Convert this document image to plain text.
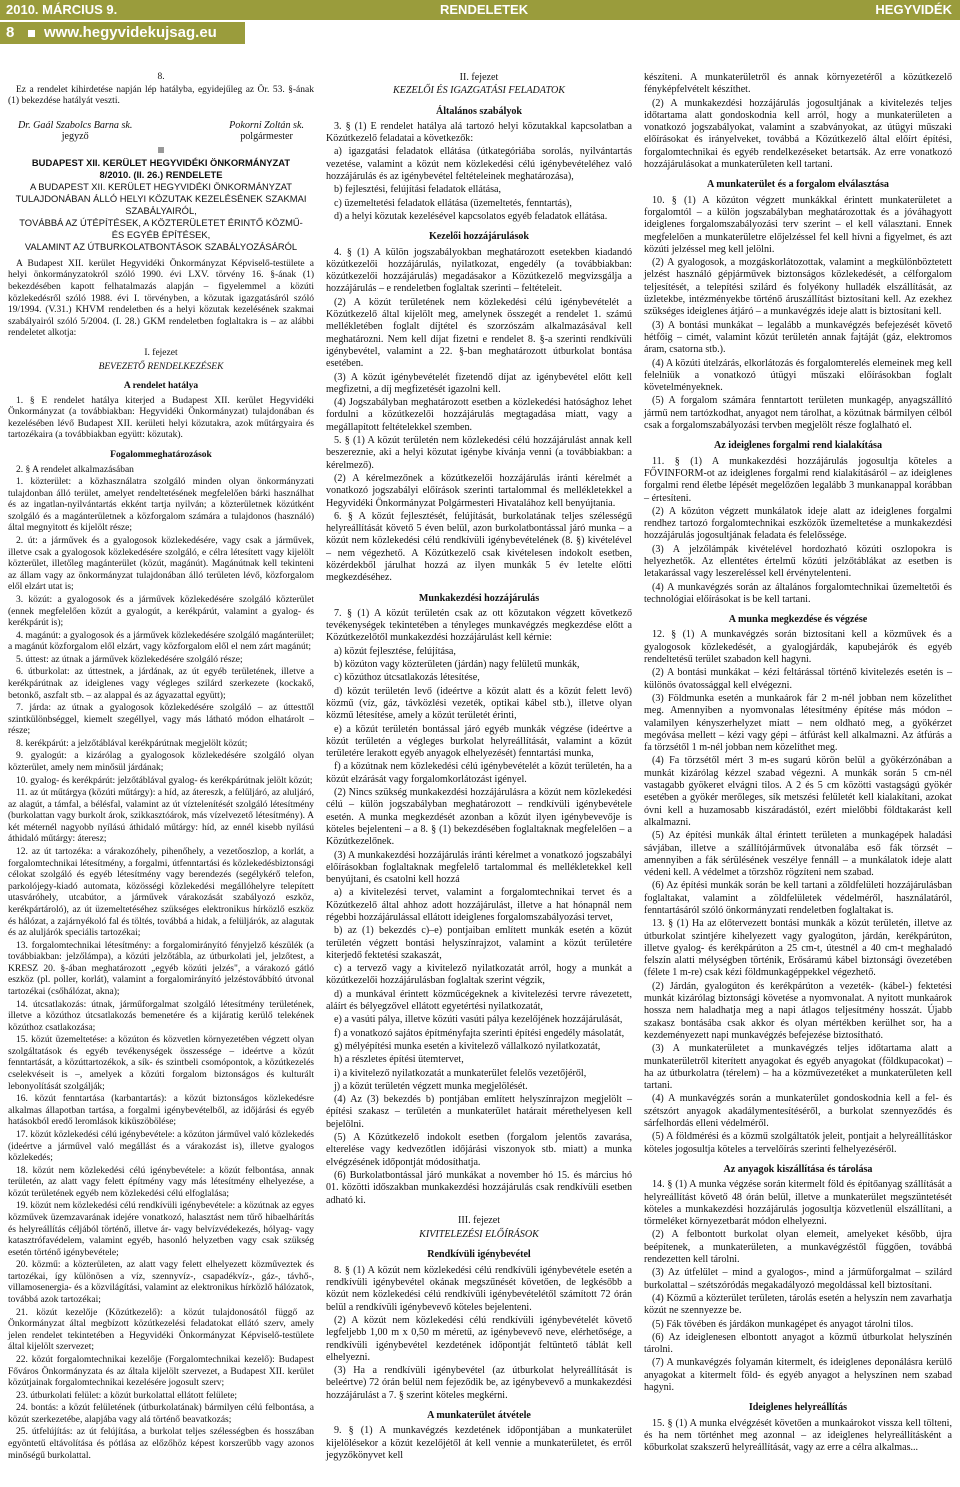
2010. MÁRCIUS 9.	RENDELETEK	HEGYVIDÉK
8 www.hegyvidekujsag.eu

8.

Ez a rendelet kihirdetése napján lép hatályba, egyidejűleg az Ör. 53. §-ának (1) bekezdése hatályát veszti.

Dr. Gaál Szabolcs Barna sk.
jegyző
Pokorni Zoltán sk.
polgármester

BUDAPEST XII. KERÜLET HEGYVIDÉKI ÖNKORMÁNYZAT

8/2010. (II. 26.) RENDELETE

A BUDAPEST XII. KERÜLET HEGYVIDÉKI ÖNKORMÁNYZAT

TULAJDONÁBAN ÁLLÓ HELYI KÖZUTAK KEZELÉSÉNEK SZAKMAI SZABÁLYAIRÓL,

TOVÁBBÁ AZ ÚTÉPÍTÉSEK, A KÖZTERÜLETET ÉRINTŐ KÖZMŰ-

ÉS EGYÉB ÉPÍTÉSEK,

VALAMINT AZ ÚTBURKOLATBONTÁSOK SZABÁLYOZÁSÁRÓL

A Budapest XII. kerület Hegyvidéki Önkormányzat Képviselő-testülete a helyi önkormányzatokról szóló 1990. évi LXV. törvény 16. §-ának (1) bekezdésében kapott felhatalmazás alapján – figyelemmel a közúti közlekedésről szóló 1988. évi I. törvényben, a közutak igazgatásáról szóló 19/1994. (V.31.) KHVM rendeletben és a helyi közutak kezelésének szakmai szabályairól szóló 5/2004. (I. 28.) GKM rendeletben foglaltakra is – az alábbi rendeletet alkotja:

I. fejezet

BEVEZETŐ RENDELKEZÉSEK

A rendelet hatálya

1. § E rendelet hatálya kiterjed a Budapest XII. kerület Hegyvidéki Önkormányzat (a továbbiakban: Hegyvidéki Önkormányzat) tulajdonában és kezelésében lévő Budapest XII. kerületi helyi közutakra, azok műtárgyaira és tartozékaira (a továbbiakban együtt: közutak).

Fogalommeghatározások

2. § A rendelet alkalmazásában

1. közterület: a közhasználatra szolgáló minden olyan önkormányzati tulajdonban álló terület, amelyet rendeltetésének megfelelően bárki használhat és az ingatlan-nyilvántartás ekként tartja nyilván; a közterületnek közútként szolgáló és a magánterületnek a közforgalom számára a tulajdonos (használó) által megnyitott és kijelölt része;

2. út: a járművek és a gyalogosok közlekedésére, vagy csak a járművek, illetve csak a gyalogosok közlekedésére szolgáló, e célra létesített vagy kijelölt közterület, illetőleg magánterület (közút, magánút). Magánútnak kell tekinteni az állam vagy az önkormányzat tulajdonában álló területen lévő, közforgalom elől elzárt utat is;

3. közút: a gyalogosok és a járművek közlekedésére szolgáló közterület (ennek megfelelően közút a gyalogút, a kerékpárút, valamint a gyalog- és kerékpárút is);

4. magánút: a gyalogosok és a járművek közlekedésére szolgáló magánterület; a magánút közforgalom elől elzárt, vagy közforgalom elől el nem zárt magánút;

5. úttest: az útnak a járművek közlekedésére szolgáló része;

6. útburkolat: az úttestnek, a járdának, az út egyéb területének, illetve a kerékpárútnak az ideiglenes vagy végleges szilárd szerkezete (kockakő, betonkő, aszfalt stb. – az alappal és az ágyazattal együtt);

7. járda: az útnak a gyalogosok közlekedésére szolgáló – az úttesttől szintkülönbséggel, kiemelt szegéllyel, vagy más látható módon elhatárolt – része;

8. kerékpárút: a jelzőtáblával kerékpárútnak megjelölt közút;

9. gyalogút: a kizárólag a gyalogosok közlekedésére szolgáló olyan közterület, amely nem minősül járdának;

10. gyalog- és kerékpárút: jelzőtáblával gyalog- és kerékpárútnak jelölt közút;

11. az út műtárgya (közúti műtárgy): a híd, az átereszk, a felüljáró, az aluljáró, az alagút, a támfal, a bélésfal, valamint az út víztelenítését szolgáló létesítmény (burkolattan vagy burkolt árok, szikkasztóárok, más vízelvezető létesítmény). A két méternél nagyobb nyílású áthidaló műtárgy: híd, az ennél kisebb nyílású áthidaló műtárgy: áteresz;

12. az út tartozéka: a várakozóhely, pihenőhely, a vezetőoszlop, a korlát, a forgalomtechnikai létesítmény, a forgalmi, útfenntartási és közlekedésbiztonsági célokat szolgáló és egyéb létesítmény vagy berendezés (segélykérő telefon, parkolójegy-kiadó automata, közösségi közlekedési megállóhelyre telepített utasváróhely, utcabútor, a járművek várakozását szabályozó eszköz, kerékpártároló), az út üzemeltetéséhez szükséges elektronikus hírközlő eszköz és hálózat, a zajárnyékoló fal és töltés, továbbá a hidak, a felüljárók, az alagutak és az aluljárók speciális tartozékai;

13. forgalomtechnikai létesítmény: a forgalomirányító fényjelző készülék (a továbbiakban: jelzőlámpa), a közúti jelzőtábla, az útburkolati jel, jelzőtest, a KRESZ 20. §-ában meghatározott „egyéb közúti jelzés", a várakozó gátló eszköz (pl. poller, korlát), valamint a forgalomirányító jelzéstovábbító útvonal tartozékai (csőhálózat, akna);

14. útcsatlakozás: útnak, járműforgalmat szolgáló létesítmény területének, illetve a közúthoz útcsatlakozás bemenetére és a kijáratig kerülő telekének közúthoz csatlakozása;

15. közút üzemeltetése: a közúton és közvetlen környezetében végzett olyan szolgáltatások és egyéb tevékenységek összessége – ideértve a közút fenntartását, a közúttartozékok, a sík- és szintbeli csomópontok, a közútkezelés cselekvéseit is –, amelyek a közúti forgalom biztonságos és kulturált lebonyolítását szolgálják;

16. közút fenntartása (karbantartás): a közút biztonságos közlekedésre alkalmas állapotban tartása, a forgalmi igénybevételből, az időjárási és egyéb hatásokból eredő leromlások kiküszöbölése;

17. közút közlekedési célú igénybevétele: a közúton járművel való közlekedés (ideértve a járművel való megállást és a várakozást is), illetve gyalogos közlekedés;

18. közút nem közlekedési célú igénybevétele: a közút felbontása, annak területén, az alatt vagy felett építmény vagy más létesítmény elhelyezése, a közút területének egyéb nem közlekedési célú elfoglalása;

19. közút nem közlekedési célú rendkívüli igénybevétele: a közútnak az egyes közművek üzemzavarának idejére vonatkozó, halasztást nem tűrő hibaelhárítás és helyreállítás céljából történő, illetve ár- vagy belvízvédekezés, hólyag- vagy katasztrófavédelem, valamint egyéb, hasonló helyzetben vagy csak szükség esetén történő igénybevétele;

20. közmű: a közterületen, az alatt vagy felett elhelyezett közműveztek és tartozékai, így különösen a víz, szennyvíz-, csapadékvíz-, gáz-, távhő-, villamosenergia- és a közvilágítási, valamint az elektronikus hírközlő hálózatok, továbbá azok tartozékai;

21. közút kezelője (Közútkezelő): a közút tulajdonosától függő az Önkormányzat által megbízott közútkezelési feladatokat ellátó szerv, amely jelen rendelet tekintetében a Hegyvidéki Önkormányzat Képviselő-testülete által kijelölt szervezet;

22. közút forgalomtechnikai kezelője (Forgalomtechnikai kezelő): Budapest Főváros Önkormányzata és az általa kijelölt szervezet, a Budapest XII. kerület közútjainak forgalomtechnikai kezelésére jogosult szerv;

23. útburkolati felület: a közút burkolattal ellátott felülete;

24. bontás: a közút felületének (útburkolatának) bármilyen célú felbontása, a közút szerkezetébe, alapjába vagy alá történő beavatkozás;

25. útfelújítás: az út felújítása, a burkolat teljes szélességben és hosszában egyöntetű eltávolítása és pótlása az előzőhöz képest korszerűbb vagy azonos minőségű burkolattal.

II. fejezet

KEZELŐI ÉS IGAZGATÁSI FELADATOK

Általános szabályok

3. § (1) E rendelet hatálya alá tartozó helyi közutakkal kapcsolatban a Közútkezelő feladatai a következők:

a) igazgatási feladatok ellátása (útkategóriába sorolás, nyilvántartás vezetése, valamint a közút nem közlekedési célú igénybevételéhez való hozzájárulás és az igénybevétel feltételeinek meghatározása),

b) fejlesztési, felújítási feladatok ellátása,

c) üzemeltetési feladatok ellátása (üzemeltetés, fenntartás),

d) a helyi közutak kezelésével kapcsolatos egyéb feladatok ellátása.

Kezelői hozzájárulások

4. § (1) A külön jogszabályokban meghatározott esetekben kiadandó közútkezelői hozzájárulás, nyilatkozat, engedély (a továbbiakban: közútkezelői hozzájárulás) megadásakor a Közútkezelő megvizsgálja a hozzájárulás – e rendeletben foglaltak szerinti – feltételeit.

(2) A közút területének nem közlekedési célú igénybevételét a Közútkezelő által kijelölt meg, amelynek összegét a rendelet 1. számú mellékletében foglalt díjtétel és szorzószám alkalmazásával kell meghatározni. Nem kell díjat fizetni e rendelet 8. §-a szerinti rendkívüli igénybevétel, valamint a 22. §-ban meghatározott útburkolat bontása esetében.

(3) A közút igénybevételét fizetendő díjat az igénybevétel előtt kell megfizetni, a díj megfizetését igazolni kell.

(4) Jogszabályban meghatározott esetben a közlekedési hatósághoz lehet fordulni a közútkezelői hozzájárulás megtagadása miatt, vagy a megállapított feltételekkel szemben.

5. § (1) A közút területén nem közlekedési célú hozzájárulást annak kell beszereznie, aki a helyi közutat igénybe kívánja venni (a továbbiakban: a kérelmező).

(2) A kérelmezőnek a közútkezelői hozzájárulás iránti kérelmét a vonatkozó jogszabályi előírások szerinti tartalommal és mellékletekkel a Hegyvidéki Önkormányzat Polgármesteri Hivatalához kell benyújtania.

6. § A közút fejlesztését, felújítását, burkolatának teljes szélességű helyreállítását követő 5 éven belül, azon burkolatbontással járó munka – a közút nem közlekedési célú rendkívüli igénybevételének (8. §) kivételével – nem végezhető. A Közútkezelő csak kivételesen indokolt esetben, közérdekből járulhat hozzá az ilyen munkák 5 év letelte előtti megkezdéséhez.

Munkakezdési hozzájárulás

7. § (1) A közút területén csak az ott közutakon végzett következő tevékenységek tekintetében a tényleges munkavégzés megkezdése előtt a Közútkezelőtől munkakezdési hozzájárulást kell kérnie:

a) közút fejlesztése, felújítása,

b) közúton vagy közterületen (járdán) nagy felületű munkák,

c) közúthoz útcsatlakozás létesítése,

d) közút területén levő (ideértve a közút alatt és a közút felett levő) közmű (víz, gáz, távközlési vezeték, optikai kábel stb.), illetve olyan közmű létesítése, amely a közút területét érinti,

e) a közút területén bontással járó egyéb munkák végzése (ideértve a közút területén a végleges burkolat helyreállítását, valamint a közút területére lerakott egyéb anyagok elhelyezését) fenntartási munka,

f) a közútnak nem közlekedési célú igénybevételét a közút területén, ha a közút elzárását vagy forgalomkorlátozást igényel.

(2) Nincs szükség munkakezdési hozzájárulásra a közút nem közlekedési célú – külön jogszabályban meghatározott – rendkívüli igénybevétele esetén. A munka megkezdését azonban a közút ilyen igénybevevője is köteles bejelenteni – a 8. § (1) bekezdésében foglaltaknak megfelelően – a Közútkezelőnek.

(3) A munkakezdési hozzájárulás iránti kérelmet a vonatkozó jogszabályi előírásokban foglaltaknak megfelelő tartalommal és mellékletekkel kell benyújtani, és csatolni kell hozzá

a) a kivitelezési tervet, valamint a forgalomtechnikai tervet és a Közútkezelő által ahhoz adott hozzájárulást, illetve a hat hónapnál nem régebbi hozzájárulással ellátott ideiglenes forgalomszabályozási tervet,

b) az (1) bekezdés c)–e) pontjaiban említett munkák esetén a közút területén végzett bontási helyszínrajzot, valamint a közút területére kiterjedő fektetési szakaszát,

c) a tervező vagy a kivitelező nyilatkozatát arról, hogy a munkát a közútkezelői hozzájárulásban foglaltak szerint végzik,

d) a munkával érintett közműcégeknek a kivitelezési tervre rávezetett, aláírt és bélyegzővel ellátott egyetértési nyilatkozatát,

e) a vasúti pálya, illetve közúti vasúti pálya kezelőjének hozzájárulását,

f) a vonatkozó sajátos építményfajta szerinti építési engedély másolatát,

g) mélyépítési munka esetén a kivitelező vállalkozó nyilatkozatát,

h) a részletes építési ütemtervet,

i) a kivitelező nyilatkozatát a munkaterület felelős vezetőjéről,

j) a közút területén végzett munka megjelölését.

(4) Az (3) bekezdés b) pontjában említett helyszínrajzon megjelölt – építési szakasz – területén a munkaterület határait mérethelyesen kell bejelölni.

(5) A Közútkezelő indokolt esetben (forgalom jelentős zavarása, elterelése vagy kedvezőtlen időjárási viszonyok stb. miatt) a munka elvégzésének időpontját módosíthatja.

(6) Burkolatbontással járó munkákat a november hó 15. és március hó 01. közötti időszakban munkakezdési hozzájárulás csak rendkívüli esetben adható ki.

III. fejezet

KIVITELEZÉSI ELŐÍRÁSOK

Rendkívüli igénybevétel

8. § (1) A közút nem közlekedési célú rendkívüli igénybevétele esetén a rendkívüli igénybevétel okának megszűnését követően, de legkésőbb a közút nem közlekedési célú rendkívüli igénybevételétől számított 72 órán belül a rendkívüli igénybevevő köteles bejelenteni.

(2) A közút nem közlekedési célú rendkívüli igénybevételét követő legfeljebb 1,00 m x 0,50 m méretű, az igénybevevő neve, elérhetősége, a rendkívüli igénybevétel kezdetének időpontját feltüntető táblát kell elhelyezni.

(3) Ha a rendkívüli igénybevétel (az útburkolat helyreállítását is beleértve) 72 órán belül nem fejeződik be, az igénybevevő a munkakezdési hozzájárulást a 7. § szerint köteles megkérni.

A munkaterület átvétele

9. § (1) A munkavégzés kezdetének időpontjában a munkaterület kijelölésekor a közút kezelőjétől át kell vennie a munkaterületet, és erről jegyzőkönyvet kell

készíteni. A munkaterületről és annak környezetéről a közútkezelő fényképfelvételt készíthet.

(2) A munkakezdési hozzájárulás jogosultjának a kivitelezés teljes időtartama alatt gondoskodnia kell arról, hogy a munkaterületen a vonatkozó jogszabályokat, valamint a szabványokat, az útügyi műszaki előírásokat és irányelveket, továbbá a Közútkezelő által előírt építési, forgalomtechnikai és egyéb rendelkezéseket betartsák. Az erre vonatkozó hozzájárulásokat a munkaterületen kell tartani.

A munkaterület és a forgalom elválasztása

10. § (1) A közúton végzett munkákkal érintett munkaterületet a forgalomtól – a külön jogszabályban meghatározottak és a jóváhagyott ideiglenes forgalomszabályozási terv szerint – el kell választani. Ennek megfelelően a munkaterületre előjelzéssel fel kell hívni a figyelmet, és azt közúti jelzéssel meg kell jelölni.

(2) A gyalogosok, a mozgáskorlátozottak, valamint a megkülönböztetett jelzést használó gépjárművek biztonságos közlekedését, a célforgalom teljesítését, a telepítési szilárd és folyékony hulladék elszállítását, az üzletekbe, intézményekbe történő áruszállítást biztosítani kell. Az ezekhez szükséges ideiglenes átjáró – a munkavégzés ideje alatt is biztosítani kell.

(3) A bontási munkákat – legalább a munkavégzés befejezését követő hétfőig – cimét, valamint közút területén annak fajtáját (gáz, elektromos áram, csatorna stb.).

(4) A közúti útelzárás, elkorlátozás és forgalomterelés elemeinek meg kell felelniük a vonatkozó útügyi műszaki előírásokban foglalt követelményeknek.

(5) A forgalom számára fenntartott területen munkagép, anyagszállító jármű nem tartózkodhat, anyagot nem tárolhat, a közútnak bármilyen célból csak a forgalomszabályozási tervben megjelölt része foglalható el.

Az ideiglenes forgalmi rend kialakítása

11. § (1) A munkakezdési hozzájárulás jogosultja köteles a FŐVINFORM-ot az ideiglenes forgalmi rend kialakításáról – az ideiglenes forgalmi rend életbe lépését megelőzően legalább 3 munkanappal korábban – értesíteni.

(2) A közúton végzett munkálatok ideje alatt az ideiglenes forgalmi rendhez tartozó forgalomtechnikai eszközök üzemeltetése a munkakezdési hozzájárulás jogosultjának feladata és felelőssége.

(3) A jelzőlámpák kivételével hordozható közúti oszlopokra is helyezhetők. Az ellentétes értelmű közúti jelzőtáblákat az esetben is letakarással vagy leszereléssel kell érvénytelenteni.

(4) A munkavégzés során az általános forgalomtechnikai üzemeltetői és technológiai előírásokat is be kell tartani.

A munka megkezdése és végzése

12. § (1) A munkavégzés során biztosítani kell a közművek és a gyalogosok közlekedését, a gyalogjárdák, kapubejárók és egyéb rendeltetésű terület szabadon kell hagyni.

(2) A bontási munkákat – kézi feltárással történő kivitelezés esetén is – különös óvatossággal kell elvégezni.

(3) Földmunka esetén a munkaárok fár 2 m-nél jobban nem közelíthet meg. Amennyiben a nyomvonalas létesítmény építése más módon – valamilyen kényszerhelyzet miatt – nem oldható meg, a gyökérzet megóvása mellett – kézi vagy gépi – átfúrást kell alkalmazni. Az átfúrás a fa törzsétől 1 m-nél jobban nem közelíthet meg.

(4) Fa törzsétől mért 3 m-es sugarú körön belül a gyökérzónában a munkát kizárólag kézzel szabad végezni. A munkák során 5 cm-nél vastagabb gyökeret elvágni tilos. A 2 és 5 cm közötti vastagságú gyökér esetében a gyökér merőleges, sík metszési felületét kell kialakítani, azokat óvni kell a huzamosabb kiszáradástól, ezért mielőbbi földtakarást kell alkalmazni.

(5) Az építési munkák által érintett területen a munkagépek haladási sávjában, illetve a szállítójárművek útvonalába eső fák törzsét – amennyiben a fák sérülésének veszélye fennáll – a munkálatok ideje alatt védeni kell. A védelmet a törzshöz rögzíteni nem szabad.

(6) Az építési munkák során be kell tartani a zöldfelületi hozzájárulásban foglaltakat, valamint a zöldfelületek védelméről, használatáról, fenntartásáról szóló önkormányzati rendeletben foglaltakat is.

13. § (1) Ha az előtervezett bontási munkák a közút területén, illetve az útburkolat szintjére kihelyezett vagy gyalogúton, járdán, kerékpárúton, illetve gyalog- és kerékpárúton a 25 cm-t, útestnél a 40 cm-t meghaladó felszín alatti mélységben történik, Erősáramú kábel biztonsági övezetében (félete 1 m-re) csak kézi földmunkagéppekkel végezhető.

(2) Járdán, gyalogúton és kerékpárúton a vezeték- (kábel-) fektetési munkát kizárólag biztonsági követése a nyomvonalat. A nyitott munkaárok hossza nem haladhatja meg a napi átlagos teljesítmény hosszát. Újabb szakasz bontásába csak akkor és olyan mértékben kerülhet sor, ha a kezdeményezett napi munkavégzés befejezése biztosítható.

(3) A munkaterületet a munkavégzés teljes időtartama alatt a munkaterületről kiterített anyagokat és egyéb anyagokat (földkupacokat) – ha az útburkolatra (térelem) – ha a közművezetéket a munkaterületen kell tartani.

(4) A munkavégzés során a munkaterület gondoskodnia kell a fel- és szétszórt anyagok akadálymentesítéséről, a burkolat szennyeződés és sárfelhordás elleni védelméről.

(5) A földmérési és a közmű szolgáltatók jeleit, pontjait a helyreállításkor köteles jogosultja köteles a tervelőírás szerinti felhelyezéséről.

Az anyagok kiszállítása és tárolása

14. § (1) A munka végzése során kitermelt föld és építőanyag szállítását a helyreállítást követő 48 órán belül, illetve a munkaterület megszüntetését köteles a munkakezdési hozzájárulás jogosultja közvetlenül elszállítani, a törmeléket környezetbarát módon elhelyezni.

(2) A felbontott burkolat olyan elemeit, amelyeket később, újra beépítenek, a munkaterületen, a munkavégzéstől függően, továbbá rendezetten kell tárolni.

(3) Az útfelület – mind a gyalogos-, mind a járműforgalmat – szilárd burkolattal – szétszóródás megakadályozó megoldással kell biztosítani.

(4) Közmű a közterület területen, tárolás esetén a helyszín nem zavarhatja közút ne szennyezze be.

(5) Fák tövében és járdákon munkagépet és anyagot tárolni tilos.

(6) Az ideiglenesen elbontott anyagot a közmű útburkolat helyszínén tárolni.

(7) A munkavégzés folyamán kitermelt, és ideiglenes deponálásra kerülő anyagokat a kitermelt föld- és egyéb anyagot a helyszínen nem szabad hagyni.

Ideiglenes helyreállítás

15. § (1) A munka elvégzését követően a munkaárokot vissza kell tölteni, és ha nem történhet meg azonnal – az ideiglenes helyreállításként a kőburkolat szakszerű helyreállítását, vagy az erre a célra alkalmas...
